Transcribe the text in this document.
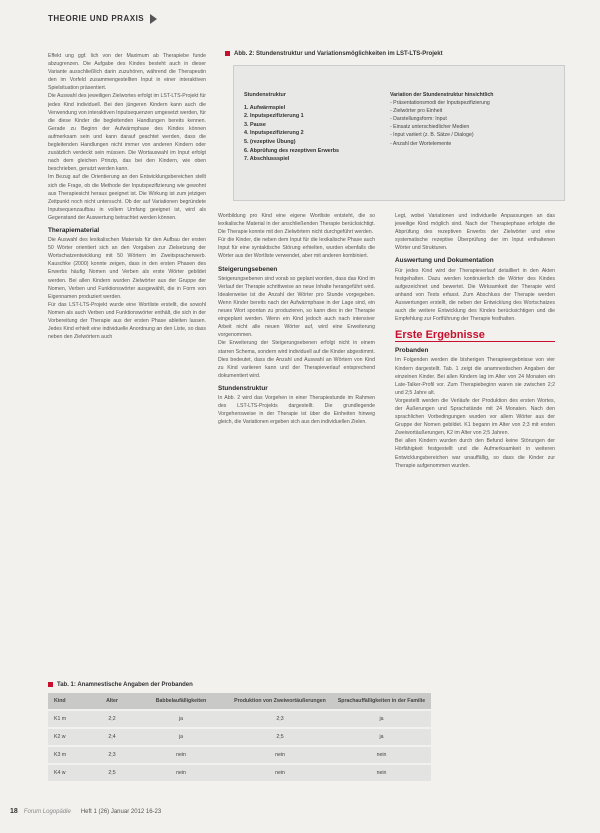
THEORIE UND PRAXIS

Effekt ung ggf. lich von der Maximum ab Therapiebe funde abzugrenzen. Die Aufgabe des Kindes besteht auch in dieser Variante ausschließlich darin zuzuhören, während die Therapeutin den im Vorfeld zusammengestellten Input in einer interaktiven Spielsituation präsentiert.

Die Auswahl des jeweiligen Zielwortes erfolgt im LST-LTS-Projekt für jedes Kind individuell. Bei den jüngeren Kindern kann auch die Verwendung von interaktiven Inputsequenzen umgesetzt werden, für die diese Kinder die begleitenden Handlungen bereits kennen. Gerade zu Beginn der Aufwärmphase des Kindes können aufmerksam sein und kann darauf geachtet werden, dass die begleitenden Handlungen nicht immer von anderen Kindern oder zusätzlich verdeckt sein müssen. Die Wortauswahl im Input erfolgt nach dem gleichen Prinzip, das bei den Kindern, wie oben beschrieben, genutzt werden kann.

Im Bezug auf die Orientierung an den Entwicklungsbereichen stellt sich die Frage, ob die Methode der Inputspezifizierung wie gewohnt aus Therapiesicht heraus geeignet ist. Die Wirkung ist zum jetzigen Zeitpunkt noch nicht untersucht. Ob der auf Variationen begründete Inputsequenzaufbau in vollem Umfang geeignet ist, wird als Gegenstand der Auswertung betrachtet werden können.

Therapiematerial

Die Auswahl des lexikalischen Materials für den Aufbau der ersten 50 Wörter orientiert sich an den Vorgaben zur Zielsetzung der Wortschatzentwicklung mit 50 Wörtern im Zweitspracherwerb. Kauschke (2000) konnte zeigen, dass in den ersten Phasen des Erwerbs häufig Nomen und Verben als erste Wörter gebildet werden. Bei allen Kindern wurden Zielwörter aus der Gruppe der Nomen, Verben und Funktionswörter ausgewählt, die in Form von Eigennamen produziert werden.

Für das LST-LTS-Projekt wurde eine Wortliste erstellt, die sowohl Nomen als auch Verben und Funktionswörter enthält, die sich in der Vorbereitung der Therapie aus der ersten Phase ableiten lassen. Jedes Kind erhielt eine individuelle Anordnung an den Liste, so dass neben den Zielwörtern auch

Abb. 2: Stundenstruktur und Variationsmöglichkeiten im LST-LTS-Projekt
Stundenstruktur
1. Aufwärmspiel
2. Inputspezifizierung 1
3. Pause
4. Inputspezifizierung 2
5. (rezeptive Übung)
6. Abprüfung des rezeptiven Erwerbs
7. Abschlussspiel
Variation der Stundenstruktur hinsichtlich
- Präsentationsmodi der Inputspezifizierung
- Zielwörter pro Einheit
- Darstellungsform: Input
- Einsatz unterschiedlicher Medien
- Input variiert (z. B. Sätze / Dialoge)
- Anzahl der Wortelemente

Wortbildung pro Kind eine eigene Wortliste entsteht, die so lexikalische Material in der anschließenden Therapie berücksichtigt. Die Therapie konnte mit den Zielwörtern nicht durchgeführt werden.

Für die Kinder, die neben dem Input für die lexikalische Phase auch Input für eine syntaktische Störung erhielten, wurden ebenfalls die Wörter aus der Wortliste verwendet, aber mit anderen kombiniert.

Steigerungsebenen

Steigerungsebenen sind vorab so geplant worden, dass das Kind im Verlauf der Therapie schrittweise an neue Inhalte herangeführt wird. Idealerweise ist die Anzahl der Wörter pro Stunde vorgegeben. Wenn Kinder bereits nach der Aufwärmphase in der Lage sind, ein neues Wort spontan zu produzieren, so kann dies in der Therapie eingeplant werden. Wenn ein Kind jedoch auch nach intensiver Arbeit nicht alle neuen Wörter auf, wird eine Erweiterung vorgenommen.

Die Erweiterung der Steigerungsebenen erfolgt nicht in einem starren Schema, sondern wird individuell auf die Kinder abgestimmt. Dies bedeutet, dass die Anzahl und Auswahl an Wörtern von Kind zu Kind variieren kann und der Therapieverlauf entsprechend dokumentiert wird.

Stundenstruktur

In Abb. 2 wird das Vorgehen in einer Therapiestunde im Rahmen des LST-LTS-Projekts dargestellt. Die grundlegende Vorgehensweise in der Therapie ist über die Einheiten hinweg gleich, die Variationen ergeben sich aus den individuellen Zielen.

Legt, wobei Variationen und individuelle Anpassungen an das jeweilige Kind möglich sind. Nach der Therapiephase erfolgte die Abprüfung des rezeptiven Erwerbs der Zielwörter und eine systematische rezeptive Überprüfung der im Input enthaltenen Wörter und Strukturen.

Auswertung und Dokumentation

Für jedes Kind wird der Therapieverlauf detailliert in den Akten festgehalten. Dazu werden kontinuierlich die Wörter des Kindes aufgezeichnet und bewertet. Die Wirksamkeit der Therapie wird anhand von Tests erfasst. Zum Abschluss der Therapie werden Auswertungen erstellt, die neben der Entwicklung des Wortschatzes auch die weitere Entwicklung des Kindes berücksichtigen und die Empfehlung zur Fortführung der Therapie festhalten.

Erste Ergebnisse
Probanden

Im Folgenden werden die bisherigen Therapieergebnisse von vier Kindern dargestellt. Tab. 1 zeigt die anamnestischen Angaben der einzelnen Kinder. Bei allen Kindern lag im Alter von 24 Monaten ein Late-Talker-Profil vor. Zum Therapiebeginn waren sie zwischen 2;2 und 2;5 Jahre alt.

Vorgestellt werden die Verläufe der Produktion des ersten Wortes, der Äußerungen und Sprachstände mit 24 Monaten. Nach den sprachlichen Vorbedingungen wurden vor allem Wörter aus der Gruppe der Nomen gebildet. K1 begann im Alter von 2;3 mit ersten Zweiwortäußerungen, K2 im Alter von 2;5 Jahren.

Bei allen Kindern wurden durch den Befund keine Störungen der Hörfähigkeit festgestellt und die Aufmerksamkeit in weiteren Entwicklungsbereichen war unauffällig, so dass die Kinder zur Therapie aufgenommen wurden.

Tab. 1: Anamnestische Angaben der Probanden
Kind	Alter	Babbelaufälligkeiten	Produktion von Zweiwortäußerungen	Sprachauffälligkeiten in der Familie
K1 m	2;2	ja	2;3	ja
K2 w	2;4	ja	2;5	ja
K3 m	2;3	nein	nein	nein
K4 w	2;5	nein	nein	nein
18 Forum Logopädie Heft 1 (26) Januar 2012 16-23
